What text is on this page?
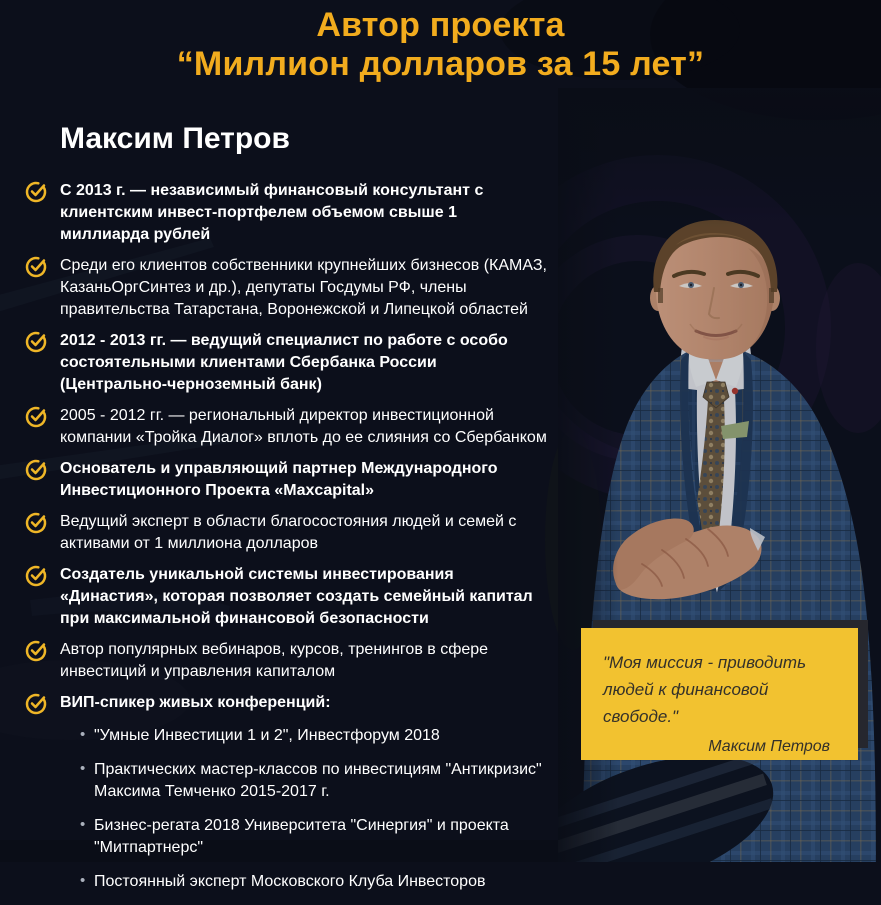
Автор проекта
“Миллион долларов за 15 лет”
Максим Петров

С 2013 г. — независимый финансовый консультант с клиентским инвест-портфелем объемом свыше 1 миллиарда рублей

Среди его клиентов собственники крупнейших бизнесов (КАМАЗ, КазаньОргСинтез и др.), депутаты Госдумы РФ, члены правительства Татарстана, Воронежской и Липецкой областей

2012 - 2013 гг. — ведущий специалист по работе с особо состоятельными клиентами Сбербанка России (Центрально-черноземный банк)

2005 - 2012 гг. — региональный директор инвестиционной компании «Тройка Диалог» вплоть до ее слияния со Сбербанком

Основатель и управляющий партнер Международного Инвестиционного Проекта «Maxcapital»

Ведущий эксперт в области благосостояния людей и семей с активами от 1 миллиона долларов

Создатель уникальной системы инвестирования «Династия», которая позволяет создать семейный капитал при максимальной финансовой безопасности

Автор популярных вебинаров, курсов, тренингов в сфере инвестиций и управления капиталом

ВИП-спикер живых конференций:

• "Умные Инвестиции 1 и 2", Инвестфорум 2018
• Практических мастер-классов по инвестициям "Антикризис" Максима Темченко 2015-2017 г.
• Бизнес-регата 2018 Университета "Синергия" и проекта "Митпартнерс"
• Постоянный эксперт Московского Клуба Инвесторов

"Моя миссия - приводить людей к финансовой свободе."

Максим Петров
